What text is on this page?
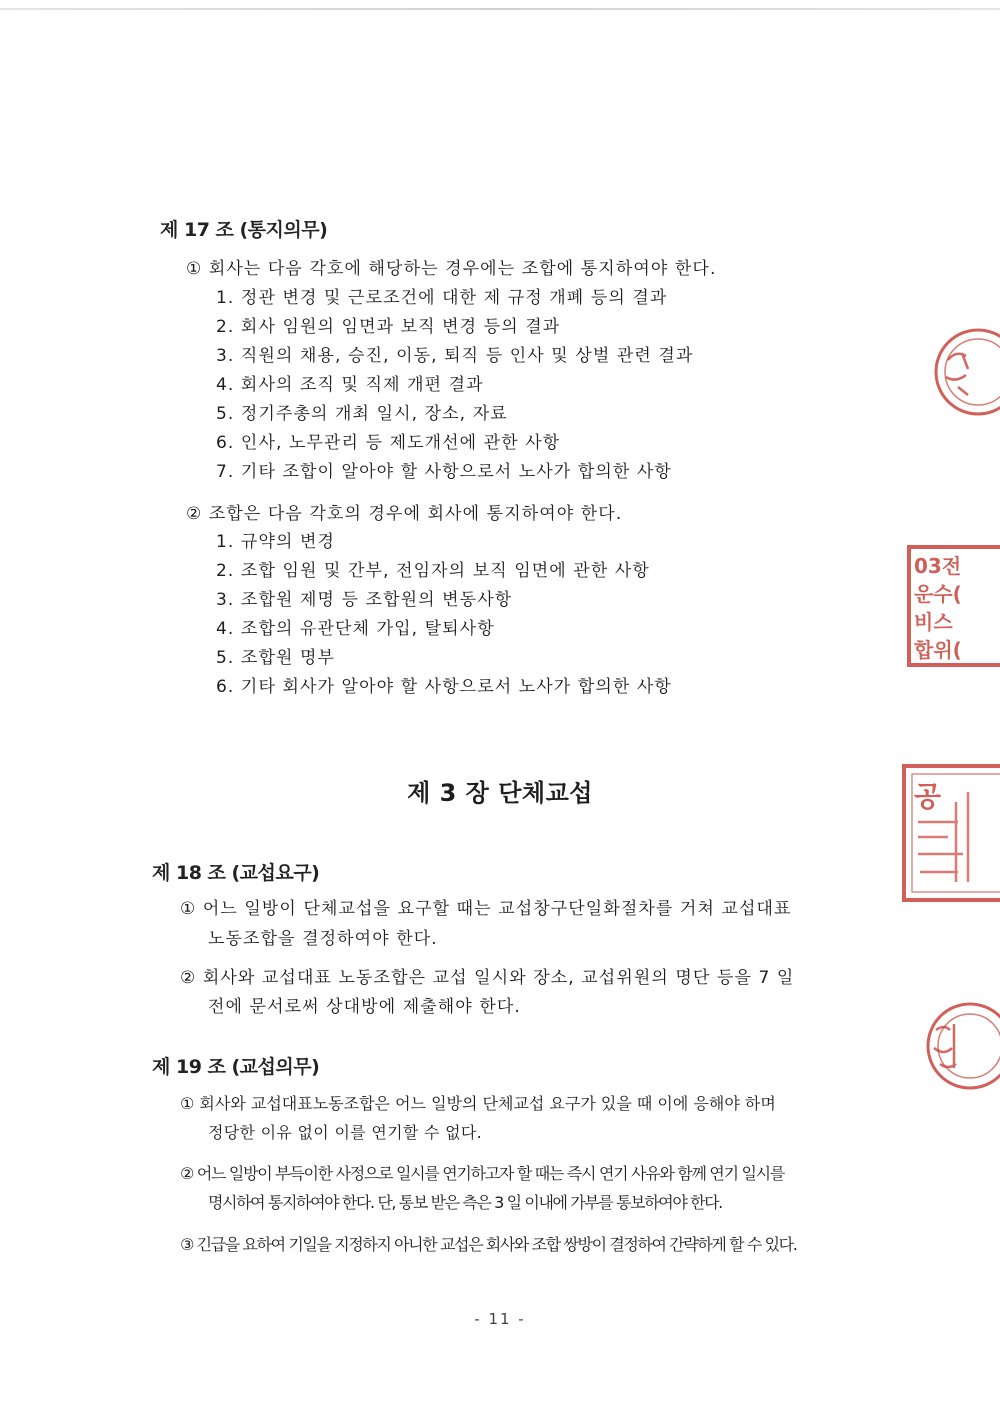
제 17 조 (통지의무)
① 회사는 다음 각호에 해당하는 경우에는 조합에 통지하여야 한다.
1. 정관 변경 및 근로조건에 대한 제 규정 개폐 등의 결과
2. 회사 임원의 임면과 보직 변경 등의 결과
3. 직원의 채용, 승진, 이동, 퇴직 등 인사 및 상벌 관련 결과
4. 회사의 조직 및 직제 개편 결과
5. 정기주총의 개최 일시, 장소, 자료
6. 인사, 노무관리 등 제도개선에 관한 사항
7. 기타 조합이 알아야 할 사항으로서 노사가 합의한 사항
② 조합은 다음 각호의 경우에 회사에 통지하여야 한다.
1. 규약의 변경
2. 조합 임원 및 간부, 전임자의 보직 임면에 관한 사항
3. 조합원 제명 등 조합원의 변동사항
4. 조합의 유관단체 가입, 탈퇴사항
5. 조합원 명부
6. 기타 회사가 알아야 할 사항으로서 노사가 합의한 사항
제 3 장 단체교섭
제 18 조 (교섭요구)
① 어느 일방이 단체교섭을 요구할 때는 교섭창구단일화절차를 거쳐 교섭대표
노동조합을 결정하여야 한다.
② 회사와 교섭대표 노동조합은 교섭 일시와 장소, 교섭위원의 명단 등을 7 일
전에 문서로써 상대방에 제출해야 한다.
제 19 조 (교섭의무)
① 회사와 교섭대표노동조합은 어느 일방의 단체교섭 요구가 있을 때 이에 응해야 하며
정당한 이유 없이 이를 연기할 수 없다.
② 어느 일방이 부득이한 사정으로 일시를 연기하고자 할 때는 즉시 연기 사유와 함께 연기 일시를
명시하여 통지하여야 한다. 단, 통보 받은 측은 3 일 이내에 가부를 통보하여야 한다.
③ 긴급을 요하여 기일을 지정하지 아니한 교섭은 회사와 조합 쌍방이 결정하여 간략하게 할 수 있다.
- 11 -
03전
운수(
비스
합위(
공
